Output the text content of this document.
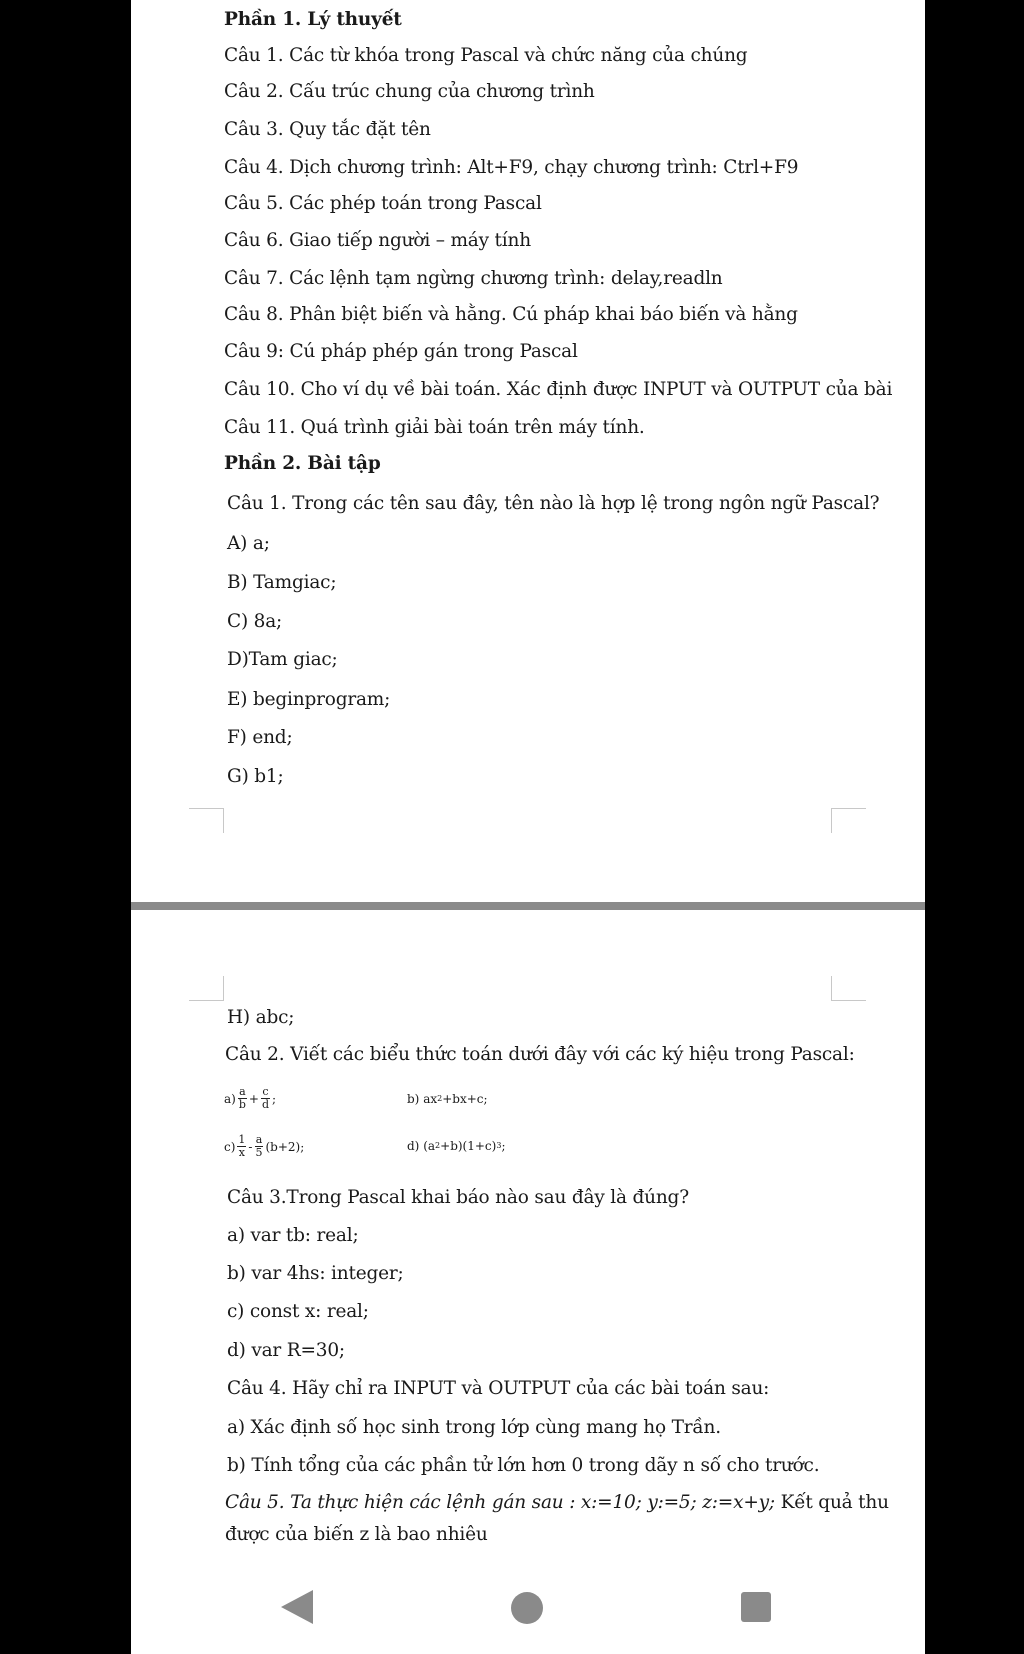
Phần 1. Lý thuyết
Câu 1. Các từ khóa trong Pascal và chức năng của chúng
Câu 2. Cấu trúc chung của chương trình
Câu 3. Quy tắc đặt tên
Câu 4. Dịch chương trình: Alt+F9, chạy chương trình: Ctrl+F9
Câu 5. Các phép toán trong Pascal
Câu 6. Giao tiếp người – máy tính
Câu 7. Các lệnh tạm ngừng chương trình: delay,readln
Câu 8. Phân biệt biến và hằng. Cú pháp khai báo biến và hằng
Câu 9: Cú pháp phép gán trong Pascal
Câu 10. Cho ví dụ về bài toán. Xác định được INPUT và OUTPUT của bài
Câu 11. Quá trình giải bài toán trên máy tính.
Phần 2. Bài tập
Câu 1. Trong các tên sau đây, tên nào là hợp lệ trong ngôn ngữ Pascal?
A) a;
B) Tamgiac;
C) 8a;
D)Tam giac;
E) beginprogram;
F) end;
G) b1;
H) abc;
Câu 2. Viết các biểu thức toán dưới đây với các ký hiệu trong Pascal:
$a) \frac{a}{b} + \frac{c}{d}$ ;	b)
ax 2 +bx+c;
$c) \frac{1}{x} - \frac{a}{5} (b+2)$;	d)
(a 2 +b)(1+c) 3 ;
Câu 3.Trong Pascal khai báo nào sau đây là đúng?
a) var tb: real;
b) var 4hs: integer;
c) const x: real;
d) var R=30;
Câu 4. Hãy chỉ ra INPUT và OUTPUT của các bài toán sau:
a) Xác định số học sinh trong lớp cùng mang họ Trần.
b) Tính tổng của các phần tử lớn hơn 0 trong dãy n số cho trước.
Câu 5. Ta thực hiện các lệnh gán sau : x:=10; y:=5; z:=x+y; Kết quả thu
được của biến z là bao nhiêu
